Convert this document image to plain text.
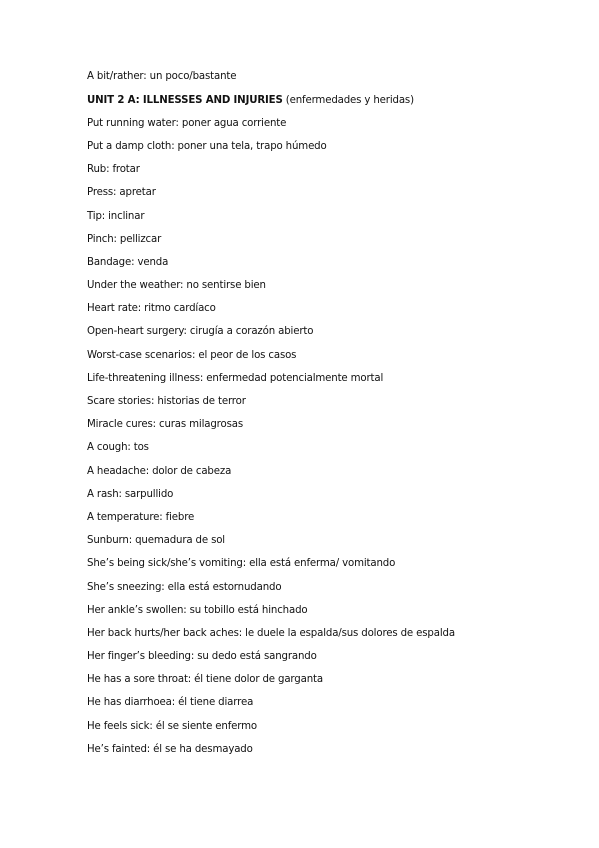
A bit/rather: un poco/bastante
UNIT 2 A: ILLNESSES AND INJURIES (enfermedades y heridas)
Put running water: poner agua corriente
Put a damp cloth: poner una tela, trapo húmedo
Rub: frotar
Press: apretar
Tip: inclinar
Pinch: pellizcar
Bandage: venda
Under the weather: no sentirse bien
Heart rate: ritmo cardíaco
Open-heart surgery: cirugía a corazón abierto
Worst-case scenarios: el peor de los casos
Life-threatening illness: enfermedad potencialmente mortal
Scare stories: historias de terror
Miracle cures: curas milagrosas
A cough: tos
A headache: dolor de cabeza
A rash: sarpullido
A temperature: fiebre
Sunburn: quemadura de sol
She’s being sick/she’s vomiting: ella está enferma/ vomitando
She’s sneezing: ella está estornudando
Her ankle’s swollen: su tobillo está hinchado
Her back hurts/her back aches: le duele la espalda/sus dolores de espalda
Her finger’s bleeding: su dedo está sangrando
He has a sore throat: él tiene dolor de garganta
He has diarrhoea: él tiene diarrea
He feels sick: él se siente enfermo
He’s fainted: él se ha desmayado
